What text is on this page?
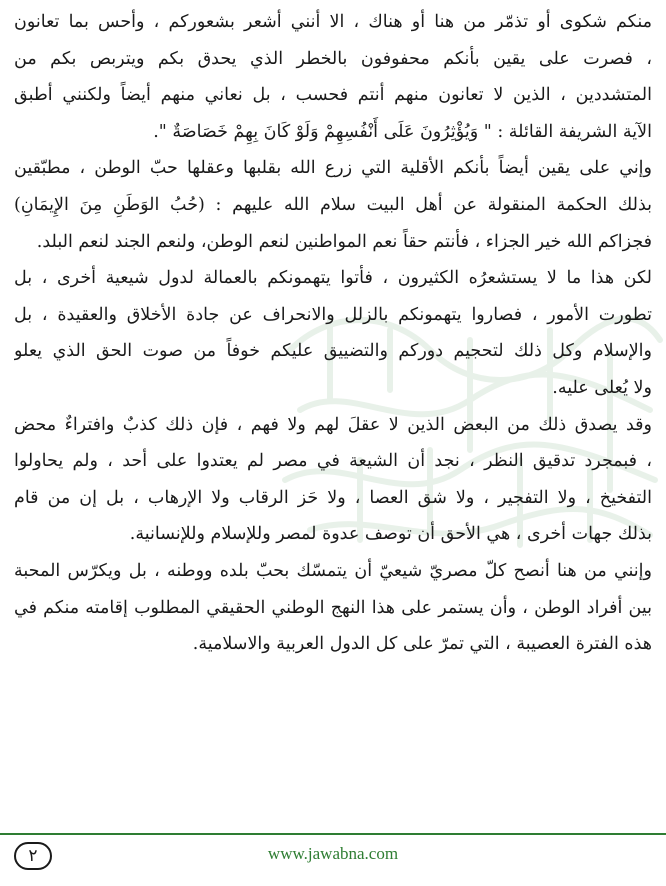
منكم شكوى أو تذمّر من هنا أو هناك ، الا أنني أشعر بشعوركم ، وأحس بما تعانون
، فصرت على يقين بأنكم محفوفون بالخطر الذي يحدق بكم ويتربص بكم من
المتشددين ، الذين لا تعانون منهم أنتم فحسب ، بل نعاني منهم أيضاً ولكنني أطبق
الآية الشريفة القائلة : " وَيُؤْثِرُونَ عَلَى أَنْفُسِهِمْ وَلَوْ كَانَ بِهِمْ خَصَاصَةٌ ".
وإني على يقين أيضاً بأنكم الأقلية التي زرع الله بقلبها وعقلها حبّ الوطن ، مطبّقين
بذلك الحكمة المنقولة عن أهل البيت سلام الله عليهم : (حُبُ الوَطَنِ مِنَ الإِيمَانِ)
فجزاكم الله خير الجزاء ، فأنتم حقاً نعم المواطنين لنعم الوطن، ولنعم الجند لنعم البلد.
لكن هذا ما لا يستشعرُه الكثيرون ، فأتوا يتهمونكم بالعمالة لدول شيعية أخرى ، بل
تطورت الأمور ، فصاروا يتهمونكم بالزلل والانحراف عن جادة الأخلاق والعقيدة ، بل
والإسلام وكل ذلك لتحجيم دوركم والتضييق عليكم خوفاً من صوت الحق الذي يعلو
ولا يُعلى عليه.
وقد يصدق ذلك من البعض الذين لا عقلَ لهم ولا فهم ، فإن ذلك كذبٌ وافتراءٌ محض
، فبمجرد تدقيق النظر ، نجد أن الشيعة في مصر لم يعتدوا على أحد ، ولم يحاولوا
التفخيخ ، ولا التفجير ، ولا شق العصا ، ولا حَز الرقاب ولا الإرهاب ، بل إن من قام
بذلك جهات أخرى ، هي الأحق أن توصف عدوة لمصر وللإسلام وللإنسانية.
وإنني من هنا أنصح كلّ مصريّ شيعيّ أن يتمسّك بحبّ بلده ووطنه ، بل ويكرّس المحبة
بين أفراد الوطن ، وأن يستمر على هذا النهج الوطني الحقيقي المطلوب إقامته منكم في
هذه الفترة العصيبة ، التي تمرّ على كل الدول العربية والاسلامية.
٢	www.jawabna.com
